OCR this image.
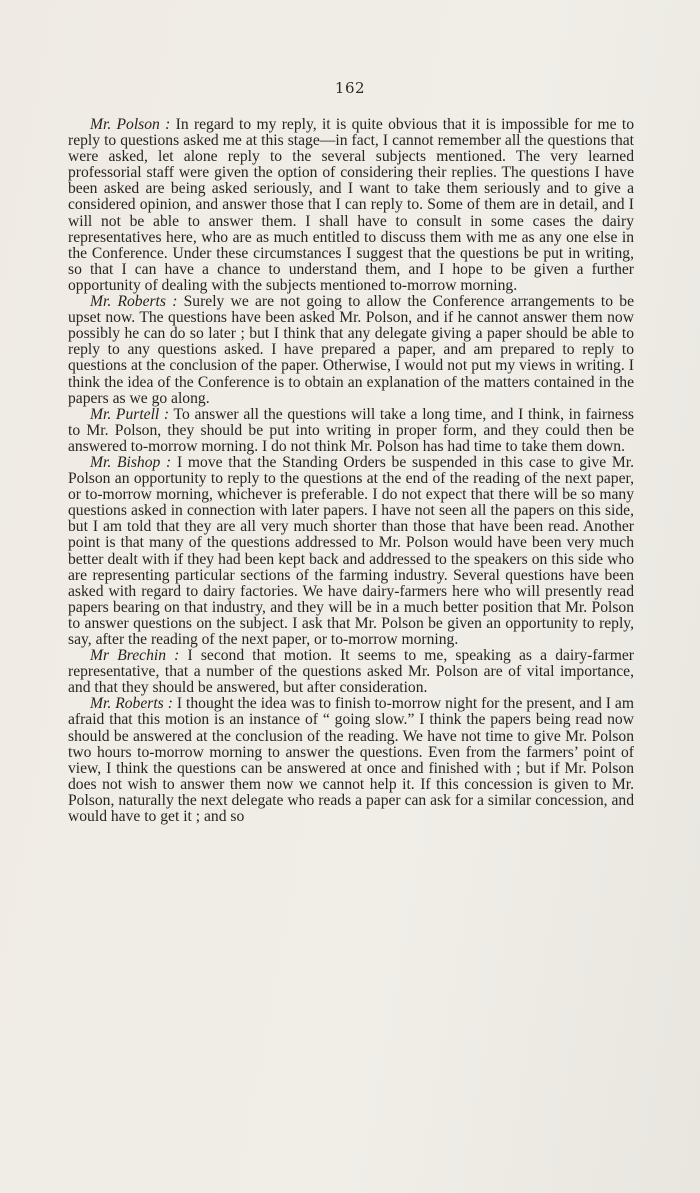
162

Mr. Polson : In regard to my reply, it is quite obvious that it is impossible for me to reply to questions asked me at this stage—in fact, I cannot remember all the questions that were asked, let alone reply to the several subjects mentioned. The very learned professorial staff were given the option of considering their replies. The questions I have been asked are being asked seriously, and I want to take them seriously and to give a considered opinion, and answer those that I can reply to. Some of them are in detail, and I will not be able to answer them. I shall have to consult in some cases the dairy representatives here, who are as much entitled to discuss them with me as any one else in the Conference. Under these circumstances I suggest that the questions be put in writing, so that I can have a chance to understand them, and I hope to be given a further opportunity of dealing with the subjects mentioned to-morrow morning.

Mr. Roberts : Surely we are not going to allow the Conference arrangements to be upset now. The questions have been asked Mr. Polson, and if he cannot answer them now possibly he can do so later ; but I think that any delegate giving a paper should be able to reply to any questions asked. I have prepared a paper, and am prepared to reply to questions at the conclusion of the paper. Otherwise, I would not put my views in writing. I think the idea of the Conference is to obtain an explanation of the matters contained in the papers as we go along.

Mr. Purtell : To answer all the questions will take a long time, and I think, in fairness to Mr. Polson, they should be put into writing in proper form, and they could then be answered to-morrow morning. I do not think Mr. Polson has had time to take them down.

Mr. Bishop : I move that the Standing Orders be suspended in this case to give Mr. Polson an opportunity to reply to the questions at the end of the reading of the next paper, or to-morrow morning, whichever is preferable. I do not expect that there will be so many questions asked in connection with later papers. I have not seen all the papers on this side, but I am told that they are all very much shorter than those that have been read. Another point is that many of the questions addressed to Mr. Polson would have been very much better dealt with if they had been kept back and addressed to the speakers on this side who are representing particular sections of the farming industry. Several questions have been asked with regard to dairy factories. We have dairy-farmers here who will presently read papers bearing on that industry, and they will be in a much better position that Mr. Polson to answer questions on the subject. I ask that Mr. Polson be given an opportunity to reply, say, after the reading of the next paper, or to-morrow morning.

Mr Brechin : I second that motion. It seems to me, speaking as a dairy-farmer representative, that a number of the questions asked Mr. Polson are of vital importance, and that they should be answered, but after consideration.

Mr. Roberts : I thought the idea was to finish to-morrow night for the present, and I am afraid that this motion is an instance of “ going slow.” I think the papers being read now should be answered at the conclusion of the reading. We have not time to give Mr. Polson two hours to-morrow morning to answer the questions. Even from the farmers’ point of view, I think the questions can be answered at once and finished with ; but if Mr. Polson does not wish to answer them now we cannot help it. If this concession is given to Mr. Polson, naturally the next delegate who reads a paper can ask for a similar concession, and would have to get it ; and so
